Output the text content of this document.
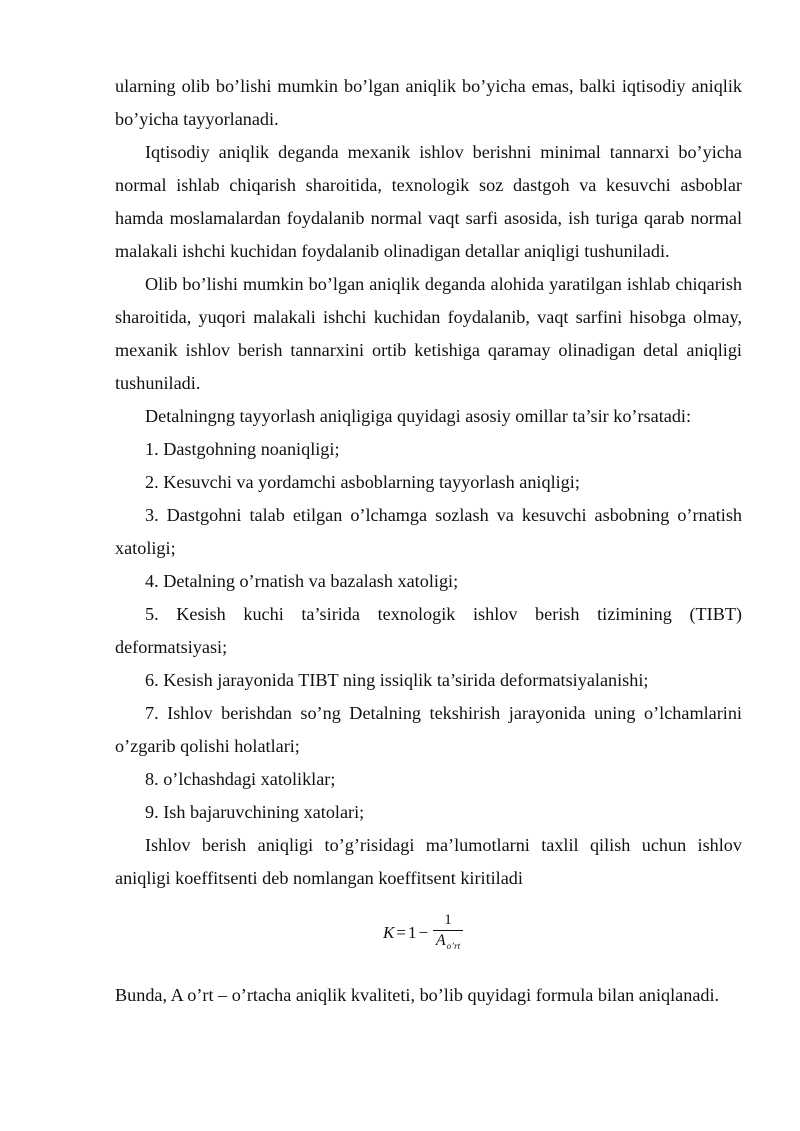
ularning olib bo’lishi mumkin bo’lgan aniqlik bo’yicha emas, balki iqtisodiy aniqlik bo’yicha tayyorlanadi.

Iqtisodiy aniqlik deganda mexanik ishlov berishni minimal tannarxi bo’yicha normal ishlab chiqarish sharoitida, texnologik soz dastgoh va kesuvchi asboblar hamda moslamalardan foydalanib normal vaqt sarfi asosida, ish turiga qarab normal malakali ishchi kuchidan foydalanib olinadigan detallar aniqligi tushuniladi.

Olib bo’lishi mumkin bo’lgan aniqlik deganda alohida yaratilgan ishlab chiqarish sharoitida, yuqori malakali ishchi kuchidan foydalanib, vaqt sarfini hisobga olmay, mexanik ishlov berish tannarxini ortib ketishiga qaramay olinadigan detal aniqligi tushuniladi.

Detalningng tayyorlash aniqligiga quyidagi asosiy omillar ta’sir ko’rsatadi:

1. Dastgohning noaniqligi;

2. Kesuvchi va yordamchi asboblarning tayyorlash aniqligi;

3. Dastgohni talab etilgan o’lchamga sozlash va kesuvchi asbobning o’rnatish xatoligi;

4. Detalning o’rnatish va bazalash xatoligi;

5. Kesish kuchi ta’sirida texnologik ishlov berish tizimining (TIBT) deformatsiyasi;

6. Kesish jarayonida TIBT ning issiqlik ta’sirida deformatsiyalanishi;

7. Ishlov berishdan so’ng Detalning tekshirish jarayonida uning o’lchamlarini o’zgarib qolishi holatlari;

8. o’lchashdagi xatoliklar;

9. Ish bajaruvchining xatolari;

Ishlov berish aniqligi to’g’risidagi ma’lumotlarni taxlil qilish uchun ishlov aniqligi koeffitsenti deb nomlangan koeffitsent kiritiladi

$K = 1 - \frac{1}{A_{o’rt}}$

Bunda, A o’rt – o’rtacha aniqlik kvaliteti, bo’lib quyidagi formula bilan aniqlanadi.
